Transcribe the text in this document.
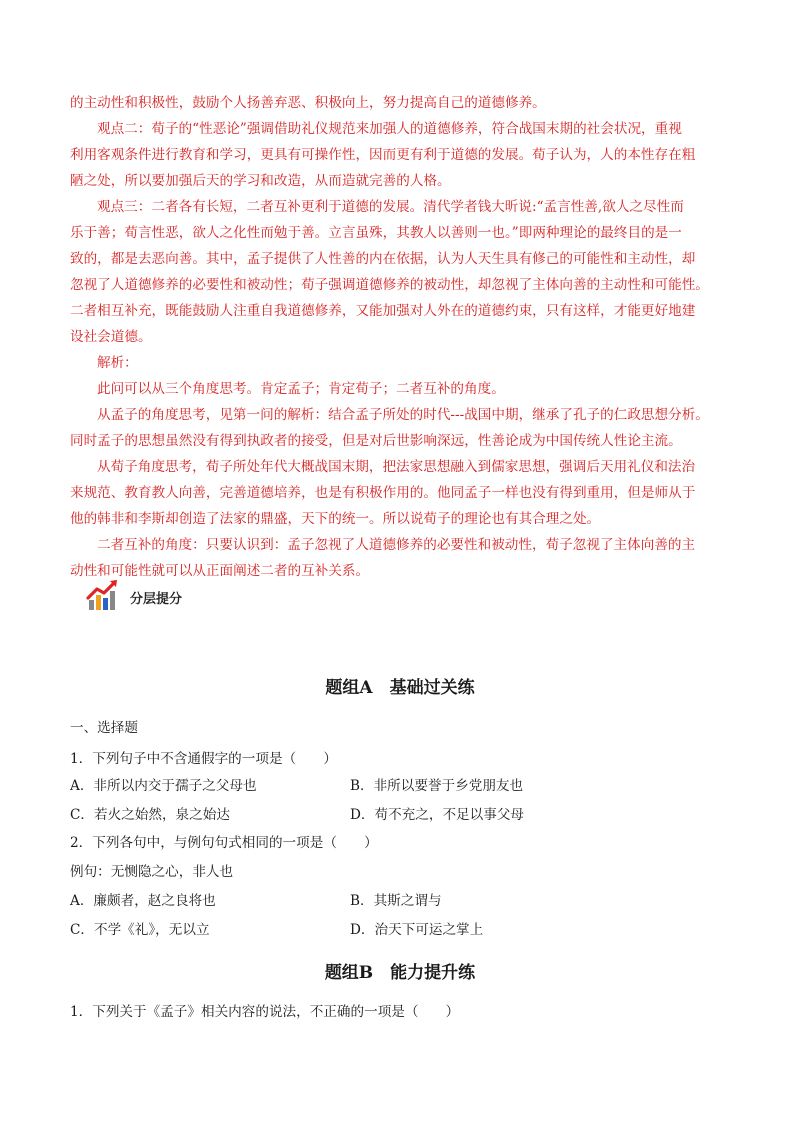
的主动性和积极性，鼓励个人扬善弃恶、积极向上，努力提高自己的道德修养。

观点二：荀子的“性恶论”强调借助礼仪规范来加强人的道德修养，符合战国末期的社会状况，重视

利用客观条件进行教育和学习，更具有可操作性，因而更有利于道德的发展。荀子认为，人的本性存在粗

陋之处，所以要加强后天的学习和改造，从而造就完善的人格。

观点三：二者各有长短，二者互补更利于道德的发展。清代学者钱大昕说:“孟言性善,欲人之尽性而

乐于善；荀言性恶，欲人之化性而勉于善。立言虽殊，其教人以善则一也。”即两种理论的最终目的是一

致的，都是去恶向善。其中，孟子提供了人性善的内在依据，认为人天生具有修己的可能性和主动性，却

忽视了人道德修养的必要性和被动性；荀子强调道德修养的被动性，却忽视了主体向善的主动性和可能性。

二者相互补充，既能鼓励人注重自我道德修养，又能加强对人外在的道德约束，只有这样，才能更好地建

设社会道德。

解析：

此问可以从三个角度思考。肯定孟子；肯定荀子；二者互补的角度。

从孟子的角度思考，见第一问的解析：结合孟子所处的时代---战国中期，继承了孔子的仁政思想分析。

同时孟子的思想虽然没有得到执政者的接受，但是对后世影响深远，性善论成为中国传统人性论主流。

从荀子角度思考，荀子所处年代大概战国末期，把法家思想融入到儒家思想，强调后天用礼仪和法治

来规范、教育教人向善，完善道德培养，也是有积极作用的。他同孟子一样也没有得到重用，但是师从于

他的韩非和李斯却创造了法家的鼎盛，天下的统一。所以说荀子的理论也有其合理之处。

二者互补的角度：只要认识到：孟子忽视了人道德修养的必要性和被动性，荀子忽视了主体向善的主

动性和可能性就可以从正面阐述二者的互补关系。

分层提分
题组A　基础过关练

一、选择题

1．下列句子中不含通假字的一项是（　　）

A．非所以内交于孺子之父母也	B．非所以要誉于乡党朋友也
C．若火之始然，泉之始达	D．苟不充之，不足以事父母

2．下列各句中，与例句句式相同的一项是（　　）

例句：无恻隐之心，非人也

A．廉颇者，赵之良将也	B．其斯之谓与
C．不学《礼》，无以立	D．治天下可运之掌上
题组B　能力提升练

1．下列关于《孟子》相关内容的说法，不正确的一项是（　　）
